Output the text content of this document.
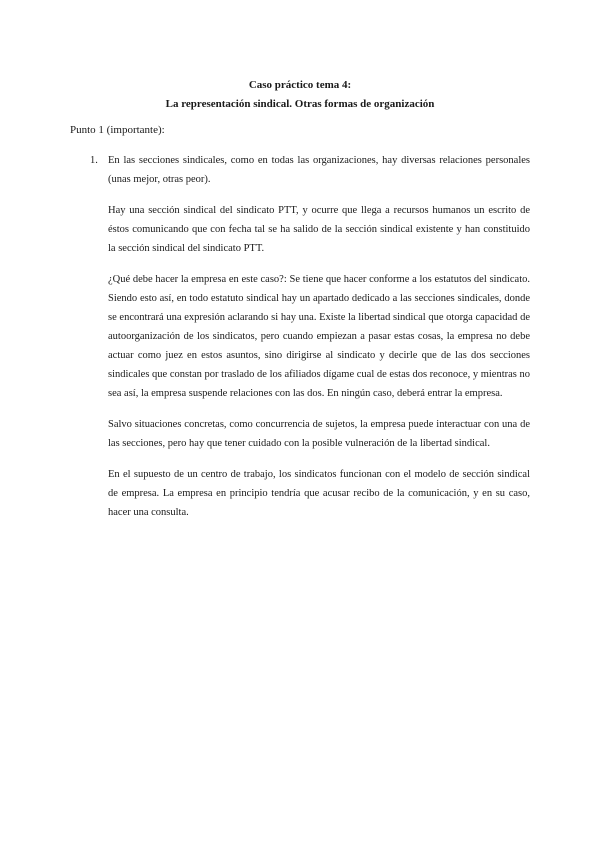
Caso práctico tema 4:
La representación sindical. Otras formas de organización
Punto 1 (importante):
1. En las secciones sindicales, como en todas las organizaciones, hay diversas relaciones personales (unas mejor, otras peor).

Hay una sección sindical del sindicato PTT, y ocurre que llega a recursos humanos un escrito de éstos comunicando que con fecha tal se ha salido de la sección sindical existente y han constituido la sección sindical del sindicato PTT.

¿Qué debe hacer la empresa en este caso?: Se tiene que hacer conforme a los estatutos del sindicato. Siendo esto así, en todo estatuto sindical hay un apartado dedicado a las secciones sindicales, donde se encontrará una expresión aclarando si hay una. Existe la libertad sindical que otorga capacidad de autoorganización de los sindicatos, pero cuando empiezan a pasar estas cosas, la empresa no debe actuar como juez en estos asuntos, sino dirigirse al sindicato y decirle que de las dos secciones sindicales que constan por traslado de los afiliados dígame cual de estas dos reconoce, y mientras no sea así, la empresa suspende relaciones con las dos. En ningún caso, deberá entrar la empresa.

Salvo situaciones concretas, como concurrencia de sujetos, la empresa puede interactuar con una de las secciones, pero hay que tener cuidado con la posible vulneración de la libertad sindical.

En el supuesto de un centro de trabajo, los sindicatos funcionan con el modelo de sección sindical de empresa. La empresa en principio tendría que acusar recibo de la comunicación, y en su caso, hacer una consulta.
